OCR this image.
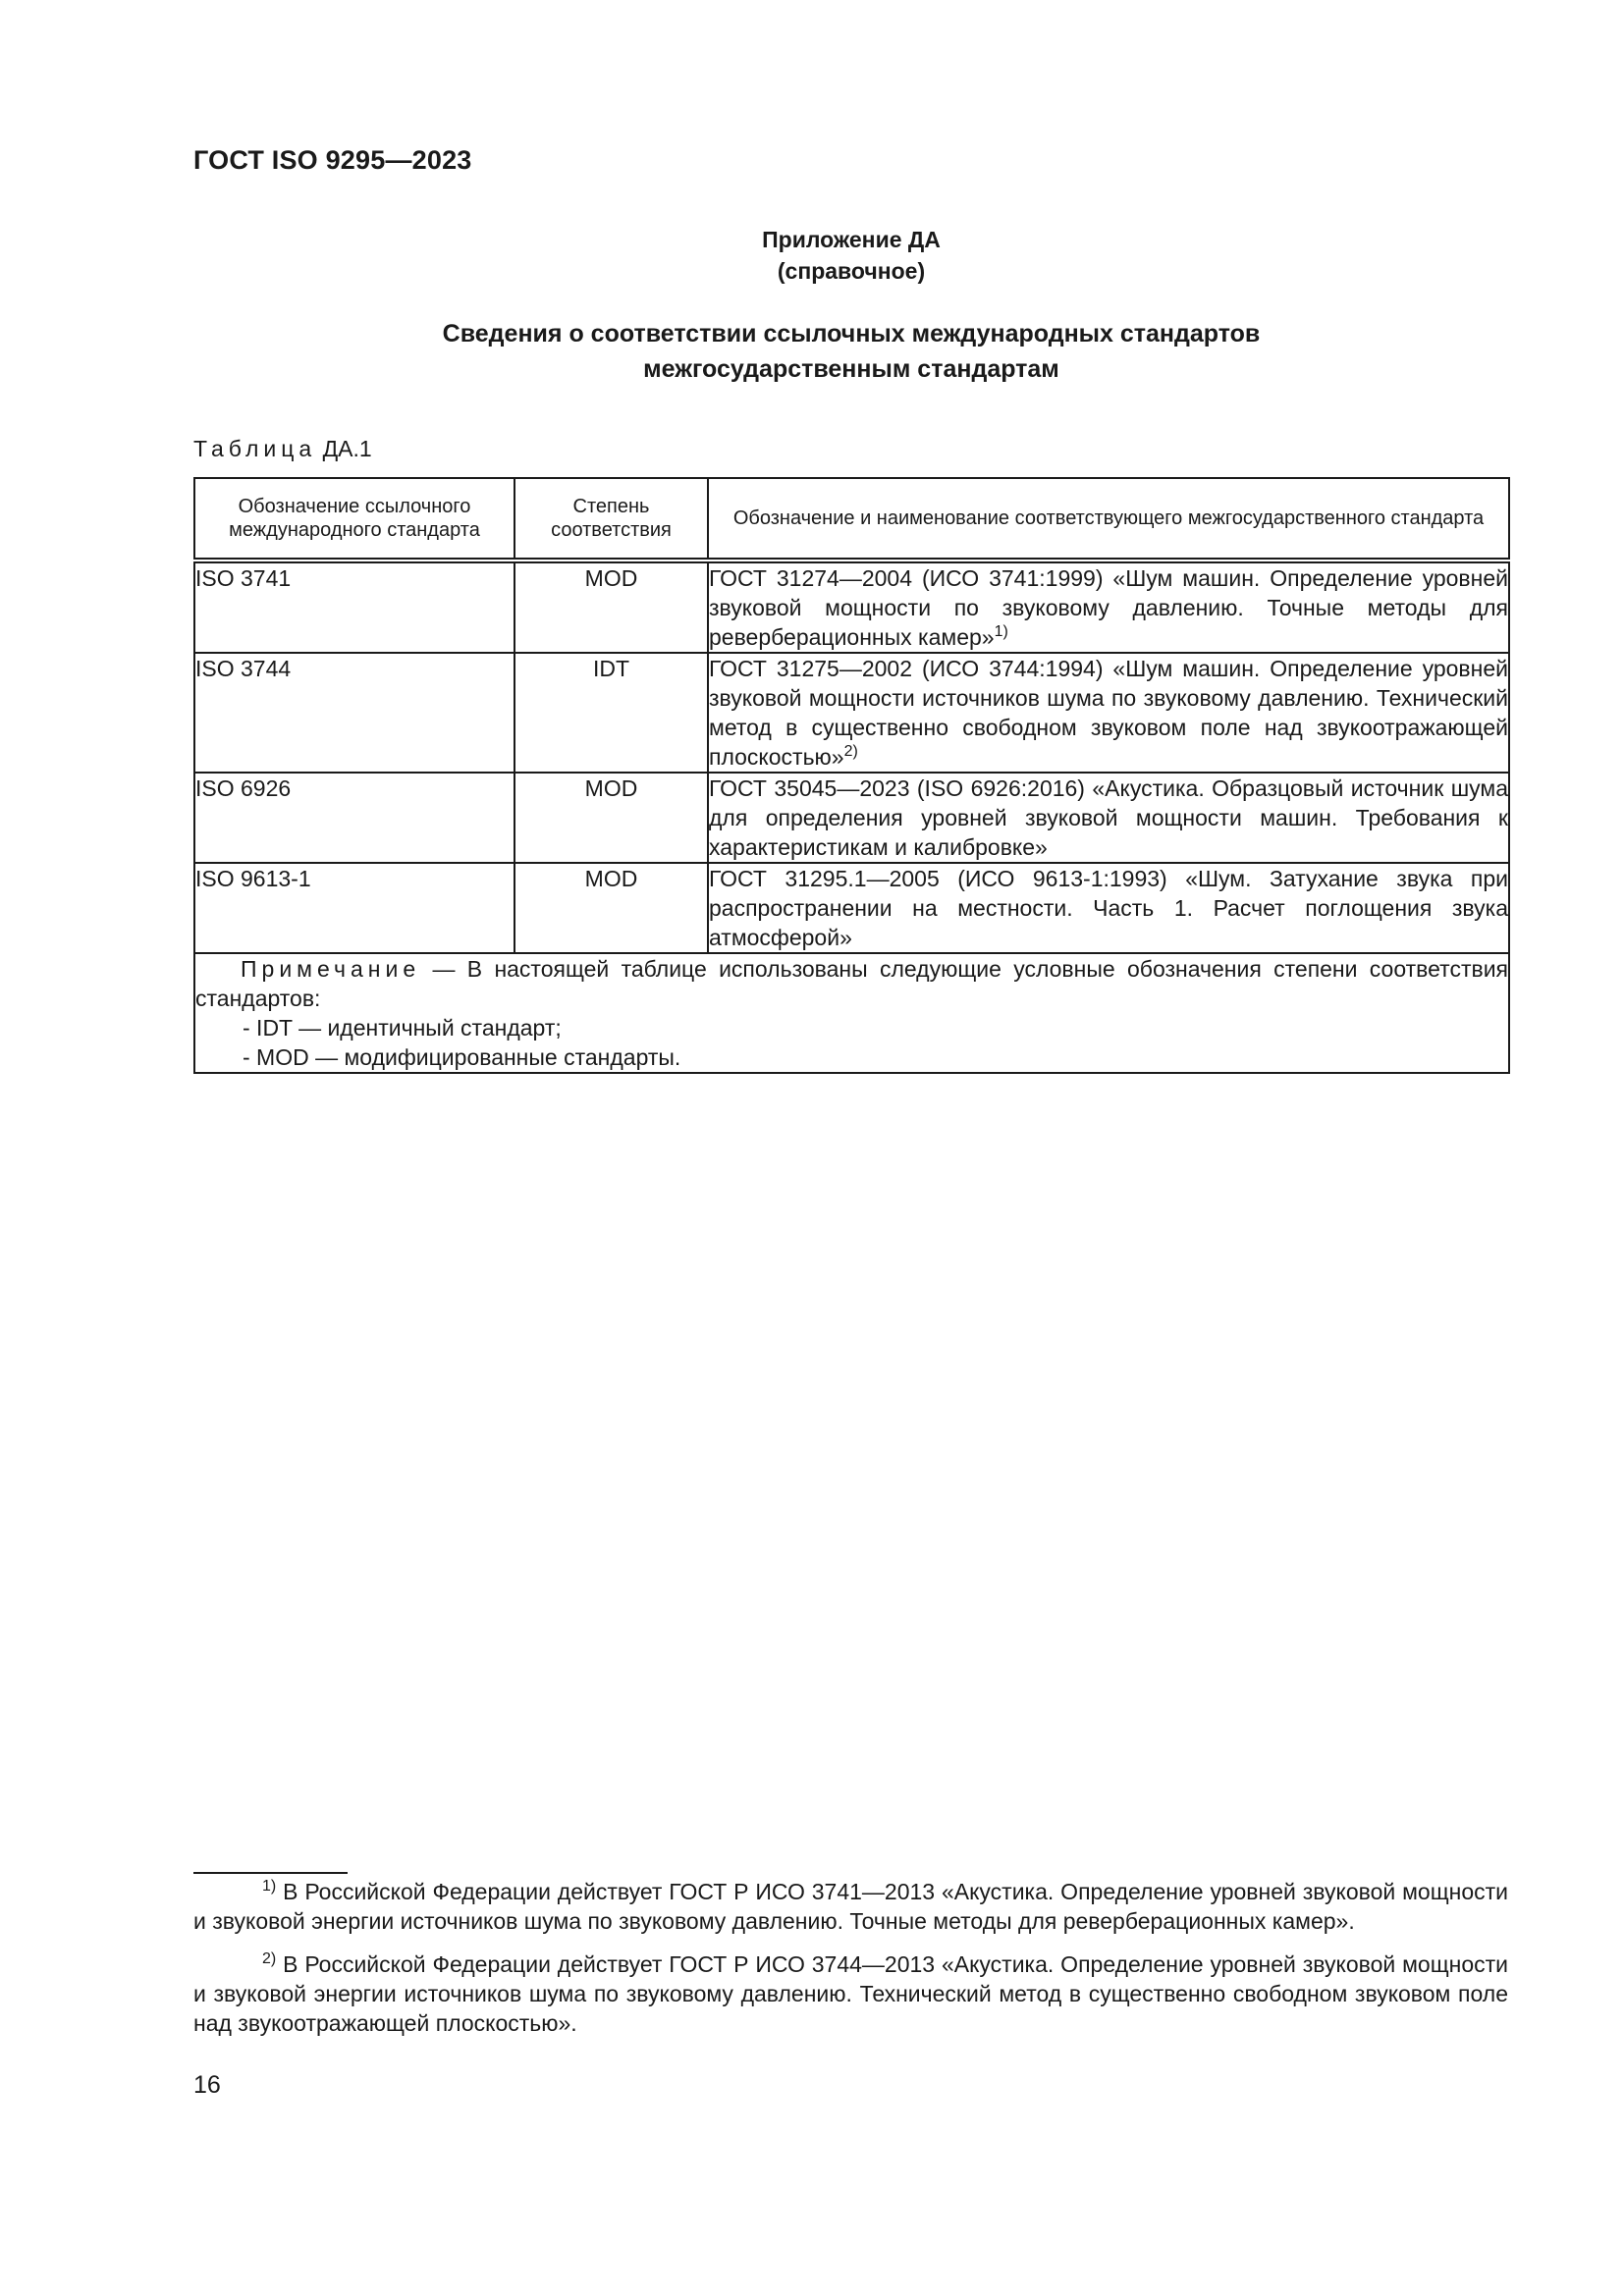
ГОСТ ISO 9295—2023
Приложение ДА
(справочное)
Сведения о соответствии ссылочных международных стандартов
межгосударственным стандартам
Таблица ДА.1
Обозначение ссылочного международного стандарта	Степень соответствия	Обозначение и наименование соответствующего межгосударственного стандарта
ISO 3741	MOD	ГОСТ 31274—2004 (ИСО 3741:1999) «Шум машин. Определение уровней звуковой мощности по звуковому давлению. Точные методы для реверберационных камер»$^{1)}$
ISO 3744	IDT	ГОСТ 31275—2002 (ИСО 3744:1994) «Шум машин. Определение уровней звуковой мощности источников шума по звуковому давлению. Технический метод в существенно свободном звуковом поле над звукоотражающей плоскостью»$^{2)}$
ISO 6926	MOD	ГОСТ 35045—2023 (ISO 6926:2016) «Акустика. Образцовый источник шума для определения уровней звуковой мощности машин. Требования к характеристикам и калибровке»
ISO 9613-1	MOD	ГОСТ 31295.1—2005 (ИСО 9613-1:1993) «Шум. Затухание звука при распространении на местности. Часть 1. Расчет поглощения звука атмосферой»

Примечание — В настоящей таблице использованы следующие условные обозначения степени соответствия стандартов:
- IDT — идентичный стандарт;
- MOD — модифицированные стандарты.		

$^{1)}$ В Российской Федерации действует ГОСТ Р ИСО 3741—2013 «Акустика. Определение уровней звуковой мощности и звуковой энергии источников шума по звуковому давлению. Точные методы для реверберационных камер».

$^{2)}$ В Российской Федерации действует ГОСТ Р ИСО 3744—2013 «Акустика. Определение уровней звуковой мощности и звуковой энергии источников шума по звуковому давлению. Технический метод в существенно свободном звуковом поле над звукоотражающей плоскостью».

16
